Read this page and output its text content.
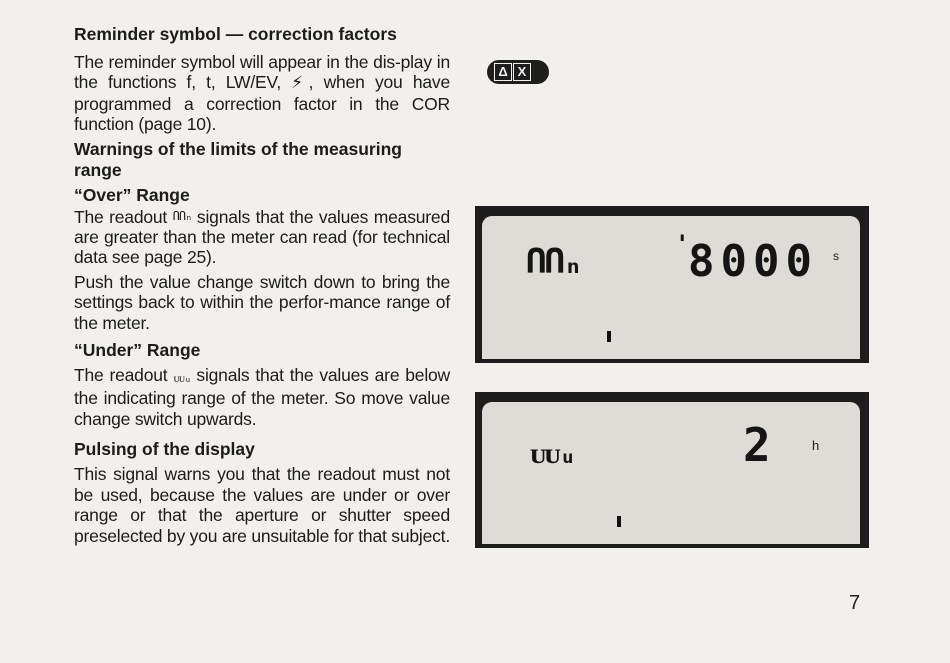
Reminder symbol — correction factors

The reminder symbol will appear in the dis-play in the functions f, t, LW/EV, ⚡︎, when you have programmed a correction factor in the COR function (page 10).

Warnings of the limits of the measuring range
“Over” Range

The readout ՈՈₙ signals that the values measured are greater than the meter can read (for technical data see page 25).

Push the value change switch down to bring the settings back to within the perfor-mance range of the meter.

“Under” Range

The readout ᴜᴜᵤ signals that the values are below the indicating range of the meter. So move value change switch upwards.

Pulsing of the display

This signal warns you that the readout must not be used, because the values are under or over range or that the aperture or shutter speed preselected by you are unsuitable for that subject.

Δ X
ՈՈₙ	'
8000 s
ᴜᴜᵤ	2	h
7
